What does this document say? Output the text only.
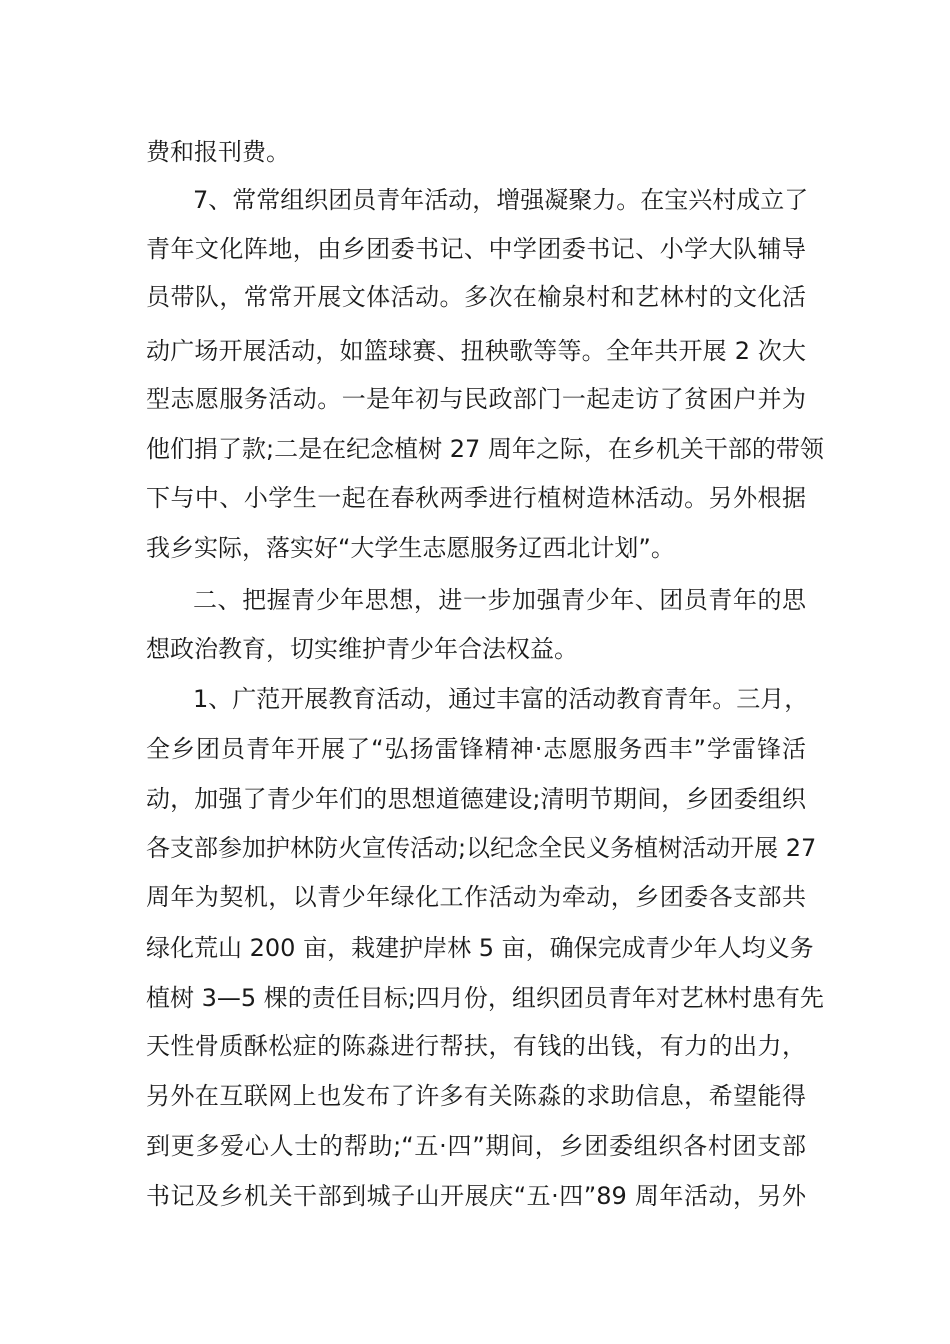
费和报刊费。
7、常常组织团员青年活动，增强凝聚力。在宝兴村成立了
青年文化阵地，由乡团委书记、中学团委书记、小学大队辅导
员带队，常常开展文体活动。多次在榆泉村和艺林村的文化活
动广场开展活动，如篮球赛、扭秧歌等等。全年共开展 2 次大
型志愿服务活动。一是年初与民政部门一起走访了贫困户并为
他们捐了款;二是在纪念植树 27 周年之际，在乡机关干部的带领
下与中、小学生一起在春秋两季进行植树造林活动。另外根据
我乡实际，落实好“大学生志愿服务辽西北计划”。
二、把握青少年思想，进一步加强青少年、团员青年的思
想政治教育，切实维护青少年合法权益。
1、广范开展教育活动，通过丰富的活动教育青年。三月，
全乡团员青年开展了“弘扬雷锋精神·志愿服务西丰”学雷锋活
动，加强了青少年们的思想道德建设;清明节期间，乡团委组织
各支部参加护林防火宣传活动;以纪念全民义务植树活动开展 27
周年为契机，以青少年绿化工作活动为牵动，乡团委各支部共
绿化荒山 200 亩，栽建护岸林 5 亩，确保完成青少年人均义务
植树 3—5 棵的责任目标;四月份，组织团员青年对艺林村患有先
天性骨质酥松症的陈淼进行帮扶，有钱的出钱，有力的出力，
另外在互联网上也发布了许多有关陈淼的求助信息，希望能得
到更多爱心人士的帮助;“五·四”期间，乡团委组织各村团支部
书记及乡机关干部到城子山开展庆“五·四”89 周年活动，另外
